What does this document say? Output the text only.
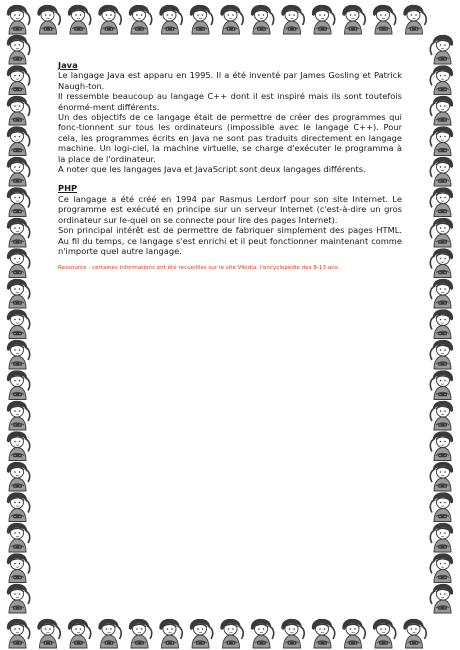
Java

Le langage Java est apparu en 1995. Il a été inventé par James Gosling et Patrick Naugh-ton.

Il ressemble beaucoup au langage C++ dont il est inspiré mais ils sont toutefois énormé-ment différents.

Un des objectifs de ce langage était de permettre de créer des programmes qui fonc-tionnent sur tous les ordinateurs (impossible avec le langage C++). Pour cela, les programmes écrits en Java ne sont pas traduits directement en langage machine. Un logi-ciel, la machine virtuelle, se charge d'exécuter le programma à la place de l'ordinateur.

A noter que les langages Java et JavaScript sont deux langages différents.

PHP

Ce langage a été créé en 1994 par Rasmus Lerdorf pour son site Internet. Le programme est exécuté en principe sur un serveur Internet (c'est-à-dire un gros ordinateur sur le-quel on se connecte pour lire des pages Internet).

Son principal intérêt est de permettre de fabriquer simplement des pages HTML. Au fil du temps, ce langage s'est enrichi et il peut fonctionner maintenant comme n'importe quel autre langage.

Ressource : certaines informations ont été recueillies sur le site Vikidia, l'encyclopédie des 8-13 ans.
